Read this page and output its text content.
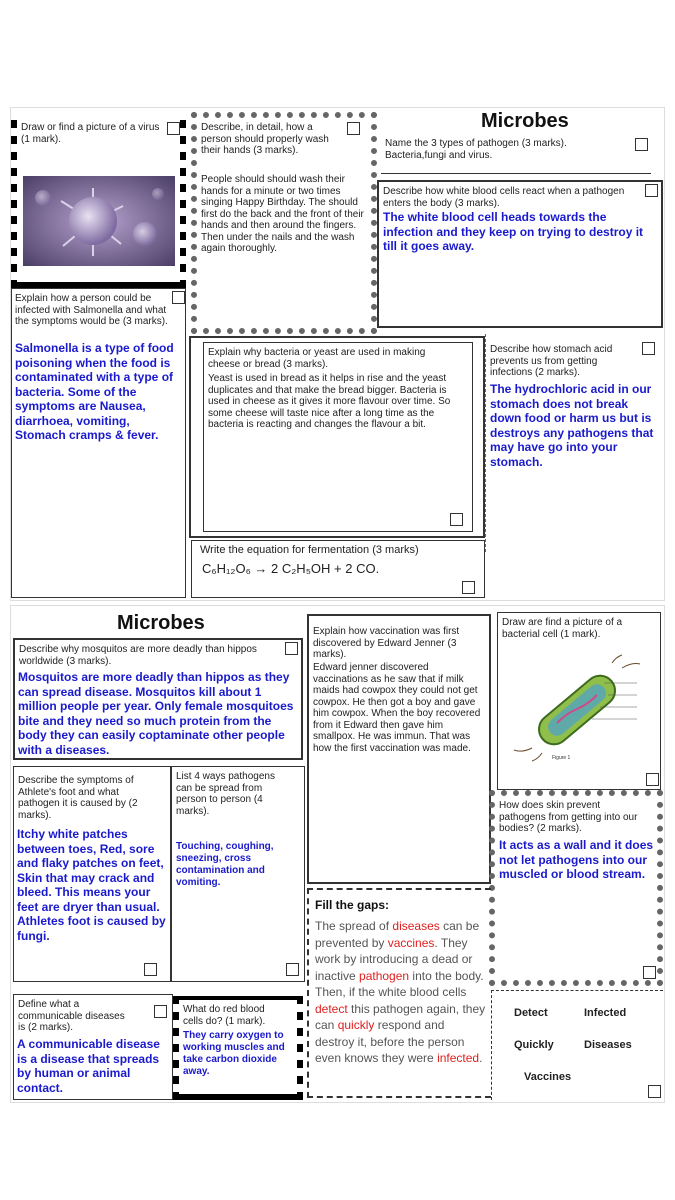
Draw or find a picture of a virus (1 mark).
Describe, in detail, how a person should properly wash their hands (3 marks).
People should should wash their hands for a minute or two times singing Happy Birthday. The should first do the back and the front of their hands and then around the fingers. Then under the nails and the wash again thoroughly.
Microbes
Name the 3 types of pathogen (3 marks).
Bacteria,fungi and virus.
Describe how white blood cells react when a pathogen enters the body (3 marks).
The white blood cell heads towards the infection and they keep on trying to destroy it till it goes away.
Explain how a person could be infected with Salmonella and what the symptoms would be (3 marks).
Salmonella is a type of food poisoning when the food is contaminated with a type of bacteria. Some of the symptoms are Nausea, diarrhoea, vomiting, Stomach cramps & fever.
Explain why bacteria or yeast are used in making cheese or bread (3 marks).
Yeast is used in bread as it helps in rise and the yeast duplicates and that make the bread bigger. Bacteria is used in cheese as it gives it more flavour over time. So some cheese will taste nice after a long time as the bacteria is reacting and changes the flavour a bit.
Describe how stomach acid prevents us from getting infections (2 marks).
The hydrochloric acid in our stomach does not break down food or harm us but is destroys any pathogens that may have go into your stomach.
Write the equation for fermentation (3 marks)
C₆H₁₂O₆ → 2 C₂H₅OH + 2 CO.
Microbes
Describe why mosquitos are more deadly than hippos worldwide (3 marks).
Mosquitos are more deadly than hippos as they can spread disease. Mosquitos kill about 1 million people per year. Only female mosquitoes bite and they need so much protein from the body they can easily coptaminate other people with a diseases.
Explain how vaccination was first discovered by Edward Jenner (3 marks).
Edward jenner discovered vaccinations as he saw that if milk maids had cowpox they could not get cowpox. He then got a boy and gave him cowpox. When the boy recovered from it Edward then gave him smallpox. He was immun. That was how the first vaccination was made.
Draw are find a picture of a bacterial cell (1 mark).
Figure 1
Describe the symptoms of Athlete's foot and what pathogen it is caused by (2 marks).
Itchy white patches between toes, Red, sore and flaky patches on feet, Skin that may crack and bleed. This means your feet are dryer than usual. Athletes foot is caused by fungi.
List 4 ways pathogens can be spread from person to person (4 marks).
Touching, coughing, sneezing, cross contamination and vomiting.
How does skin prevent pathogens from getting into our bodies? (2 marks).
It acts as a wall and it does not let pathogens into our muscled or blood stream.
Fill the gaps:
The spread of diseases can be prevented by vaccines. They work by introducing a dead or inactive pathogen into the body. Then, if the white blood cells detect this pathogen again, they can quickly respond and destroy it, before the person even knows they were infected.
Detect	Infected
Quickly	Diseases
Vaccines
Define what a communicable diseases is (2 marks).
A communicable disease is a disease that spreads by human or animal contact.
What do red blood cells do? (1 mark).
They carry oxygen to working muscles and take carbon dioxide away.
